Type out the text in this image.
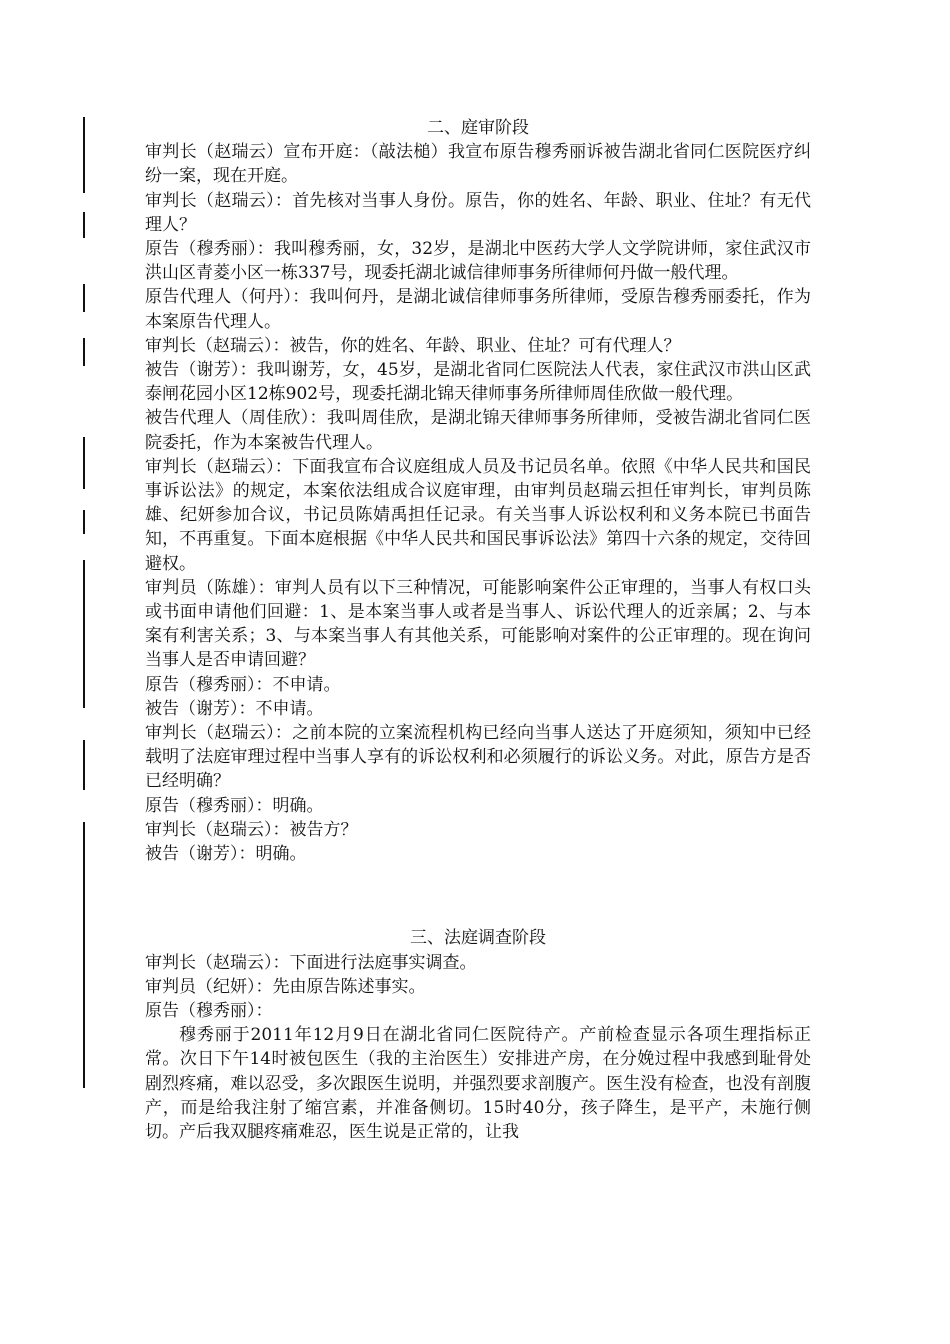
二、庭审阶段

审判长（赵瑞云）宣布开庭：（敲法槌）我宣布原告穆秀丽诉被告湖北省同仁医院医疗纠纷一案，现在开庭。

审判长（赵瑞云）：首先核对当事人身份。原告，你的姓名、年龄、职业、住址？有无代理人？

原告（穆秀丽）：我叫穆秀丽，女，32岁，是湖北中医药大学人文学院讲师，家住武汉市洪山区青菱小区一栋337号，现委托湖北诚信律师事务所律师何丹做一般代理。

原告代理人（何丹）：我叫何丹，是湖北诚信律师事务所律师，受原告穆秀丽委托，作为本案原告代理人。

审判长（赵瑞云）：被告，你的姓名、年龄、职业、住址？可有代理人？

被告（谢芳）：我叫谢芳，女，45岁，是湖北省同仁医院法人代表，家住武汉市洪山区武泰闸花园小区12栋902号，现委托湖北锦天律师事务所律师周佳欣做一般代理。

被告代理人（周佳欣）：我叫周佳欣，是湖北锦天律师事务所律师，受被告湖北省同仁医院委托，作为本案被告代理人。

审判长（赵瑞云）：下面我宣布合议庭组成人员及书记员名单。依照《中华人民共和国民事诉讼法》的规定，本案依法组成合议庭审理，由审判员赵瑞云担任审判长，审判员陈雄、纪妍参加合议，书记员陈婧禹担任记录。有关当事人诉讼权利和义务本院已书面告知，不再重复。下面本庭根据《中华人民共和国民事诉讼法》第四十六条的规定，交待回避权。

审判员（陈雄）：审判人员有以下三种情况，可能影响案件公正审理的，当事人有权口头或书面申请他们回避：1、是本案当事人或者是当事人、诉讼代理人的近亲属；2、与本案有利害关系；3、与本案当事人有其他关系，可能影响对案件的公正审理的。现在询问当事人是否申请回避？

原告（穆秀丽）：不申请。

被告（谢芳）：不申请。

审判长（赵瑞云）：之前本院的立案流程机构已经向当事人送达了开庭须知，须知中已经载明了法庭审理过程中当事人享有的诉讼权利和必须履行的诉讼义务。对此，原告方是否已经明确？

原告（穆秀丽）：明确。

审判长（赵瑞云）：被告方？

被告（谢芳）：明确。

三、法庭调查阶段

审判长（赵瑞云）：下面进行法庭事实调查。

审判员（纪妍）：先由原告陈述事实。

原告（穆秀丽）：

穆秀丽于2011年12月9日在湖北省同仁医院待产。产前检查显示各项生理指标正常。次日下午14时被包医生（我的主治医生）安排进产房，在分娩过程中我感到耻骨处剧烈疼痛，难以忍受，多次跟医生说明，并强烈要求剖腹产。医生没有检查，也没有剖腹产，而是给我注射了缩宫素，并准备侧切。15时40分，孩子降生，是平产，未施行侧切。产后我双腿疼痛难忍，医生说是正常的，让我
